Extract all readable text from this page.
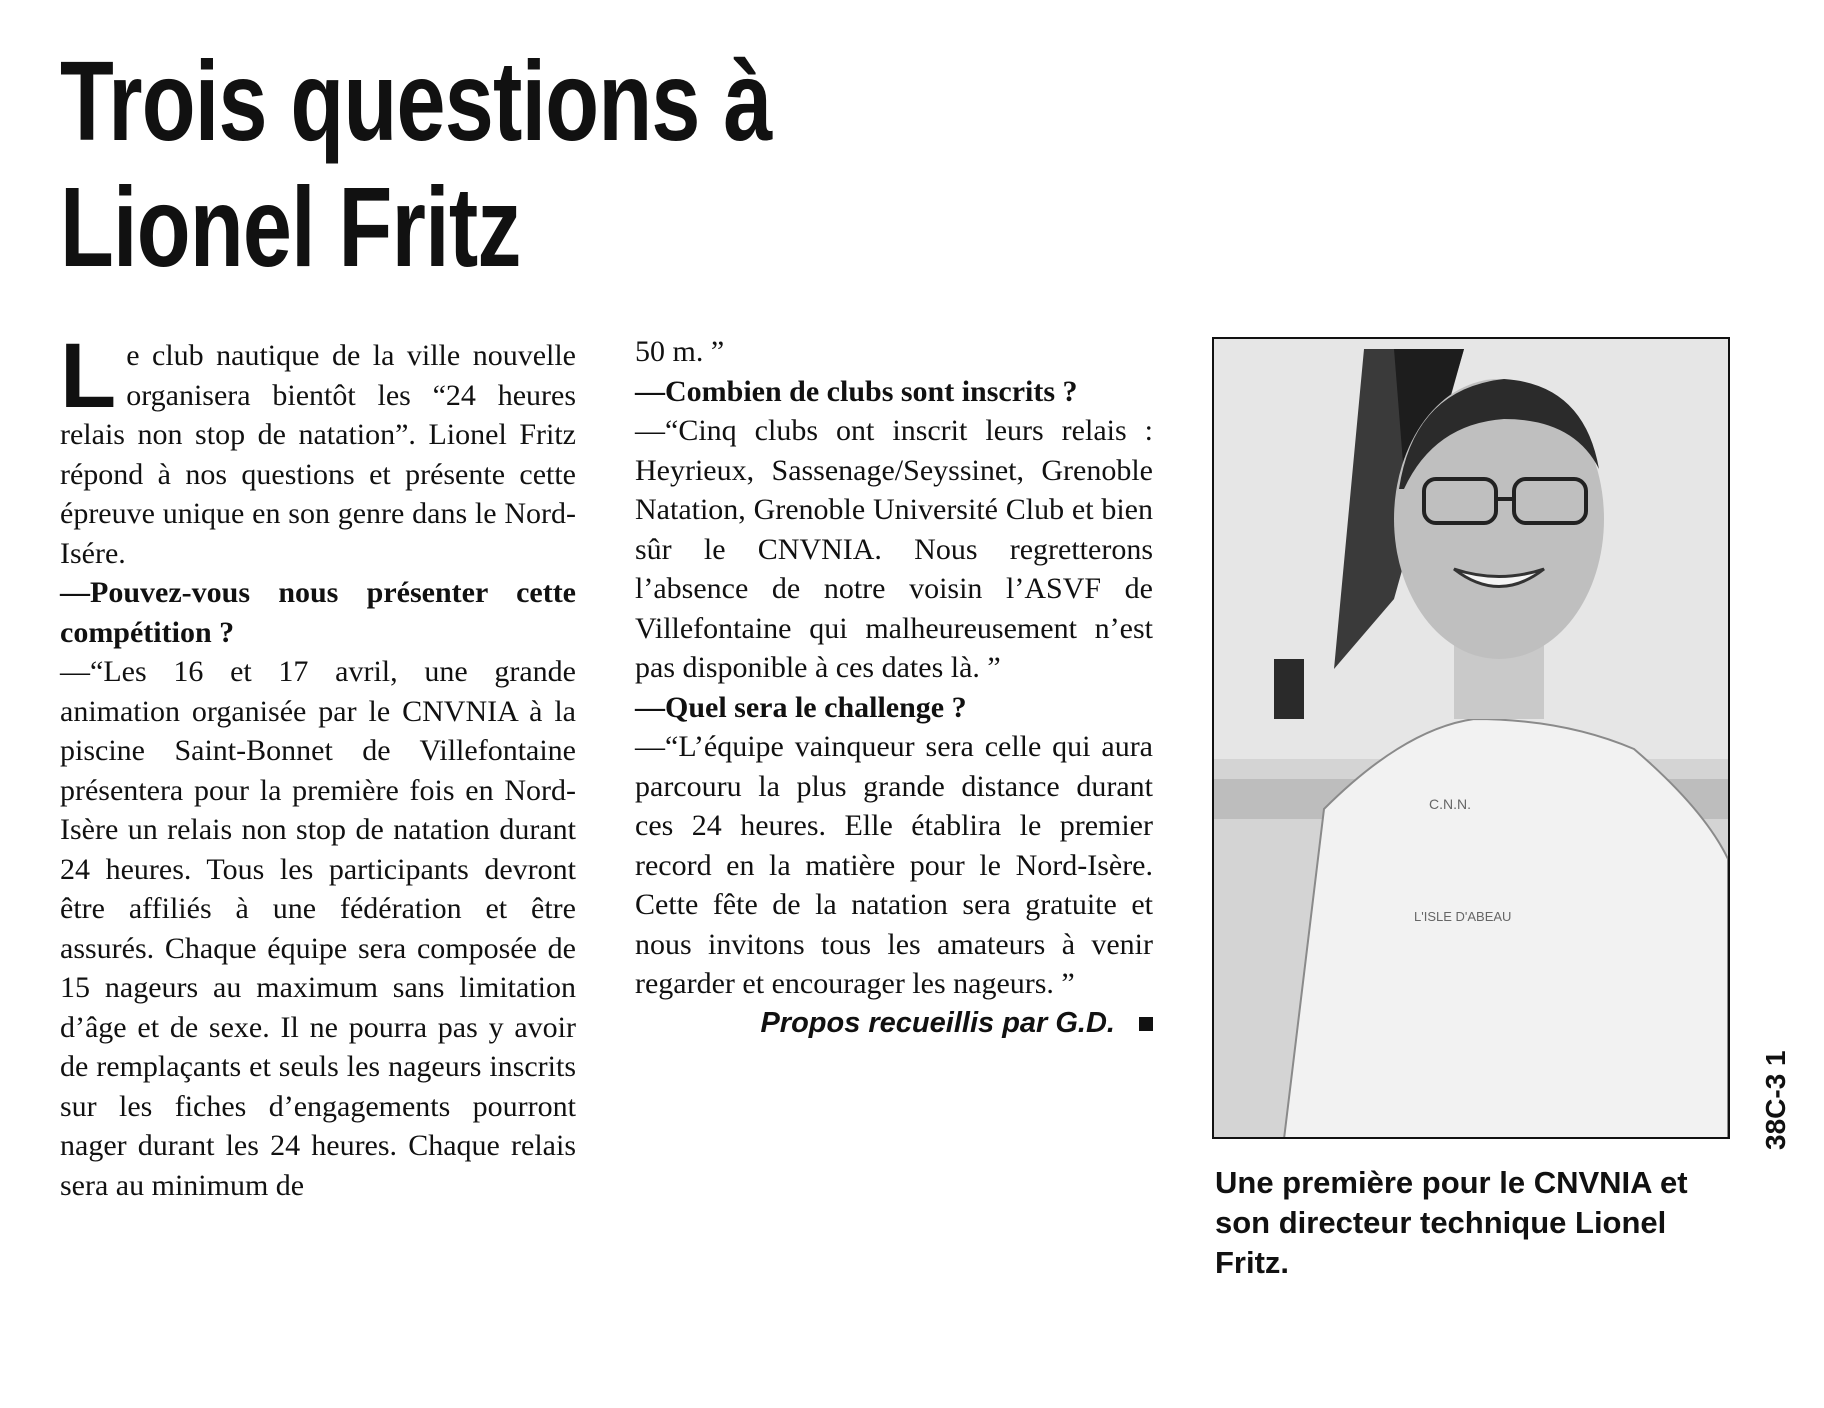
Trois questions à
Lionel Fritz

Le club nautique de la ville nouvelle organisera bientôt les “24 heures relais non stop de natation”. Lionel Fritz répond à nos questions et présente cette épreuve unique en son genre dans le Nord-Isére.

—Pouvez-vous nous présenter cette compétition ?

—“Les 16 et 17 avril, une grande animation organisée par le CNVNIA à la piscine Saint-Bonnet de Villefontaine présentera pour la première fois en Nord-Isère un relais non stop de natation durant 24 heures. Tous les participants devront être affiliés à une fédération et être assurés. Chaque équipe sera composée de 15 nageurs au maximum sans limitation d’âge et de sexe. Il ne pourra pas y avoir de remplaçants et seuls les nageurs inscrits sur les fiches d’engagements pourront nager durant les 24 heures. Chaque relais sera au minimum de

50 m. ”

—Combien de clubs sont inscrits ?

—“Cinq clubs ont inscrit leurs relais : Heyrieux, Sassenage/Seyssinet, Grenoble Natation, Grenoble Université Club et bien sûr le CNVNIA. Nous regretterons l’absence de notre voisin l’ASVF de Villefontaine qui malheureusement n’est pas disponible à ces dates là. ”

—Quel sera le challenge ?

—“L’équipe vainqueur sera celle qui aura parcouru la plus grande distance durant ces 24 heures. Elle établira le premier record en la matière pour le Nord-Isère. Cette fête de la natation sera gratuite et nous invitons tous les amateurs à venir regarder et encourager les nageurs. ”

Propos recueillis par G.D.

C.N.N.
L'ISLE D'ABEAU

Une première pour le CNVNIA et son directeur technique Lionel Fritz.

38C-3 1
